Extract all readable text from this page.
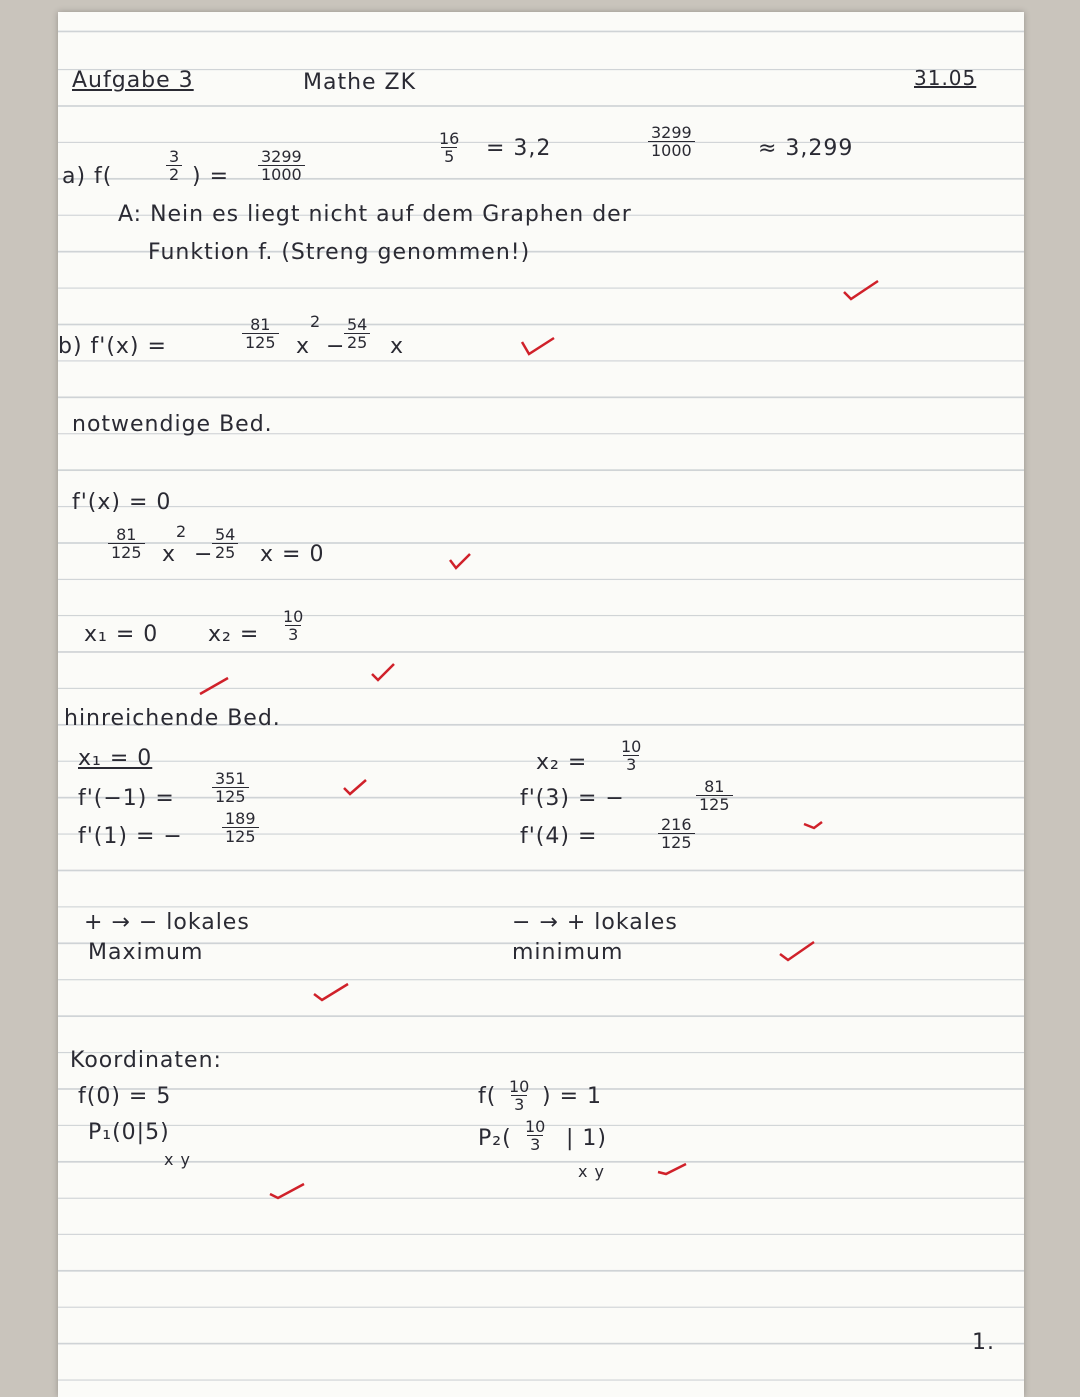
Aufgabe 3	Mathe ZK	31.05
a) f(	$\frac{3}{2}$ ) = $\frac{3299}{1000}$
$\frac{16}{5} = 3,2$	$\frac{3299}{1000}$	≈ 3,299
A: Nein es liegt nicht auf dem Graphen der
Funktion f. (Streng genommen!)
b) f'(x) =	$\frac{81}{125}$ x
2
−
$\frac{54}{25}$ x
notwendige Bed.
f'(x) = 0
$\frac{81}{125}$ x
2
−
$\frac{54}{25}$ x = 0
x₁ = 0 $x_2 = \frac{10}{3}$
hinreichende Bed.
x₁ = 0
$f'(-1) = \frac{351}{125}$
f'(1) = − $\frac{189}{125}$
+ → − lokales
Maximum
$x_2 = \frac{10}{3}$
f'(3) = −	$\frac{81}{125}$
f'(4) =	$\frac{216}{125}$
− → + lokales
minimum
Koordinaten:
f(0) = 5
P₁(0|5)
x y
$f( \frac{10}{3}$ ) = 1
$P_2( \frac{10}{3}$ | 1)
x y
1.
